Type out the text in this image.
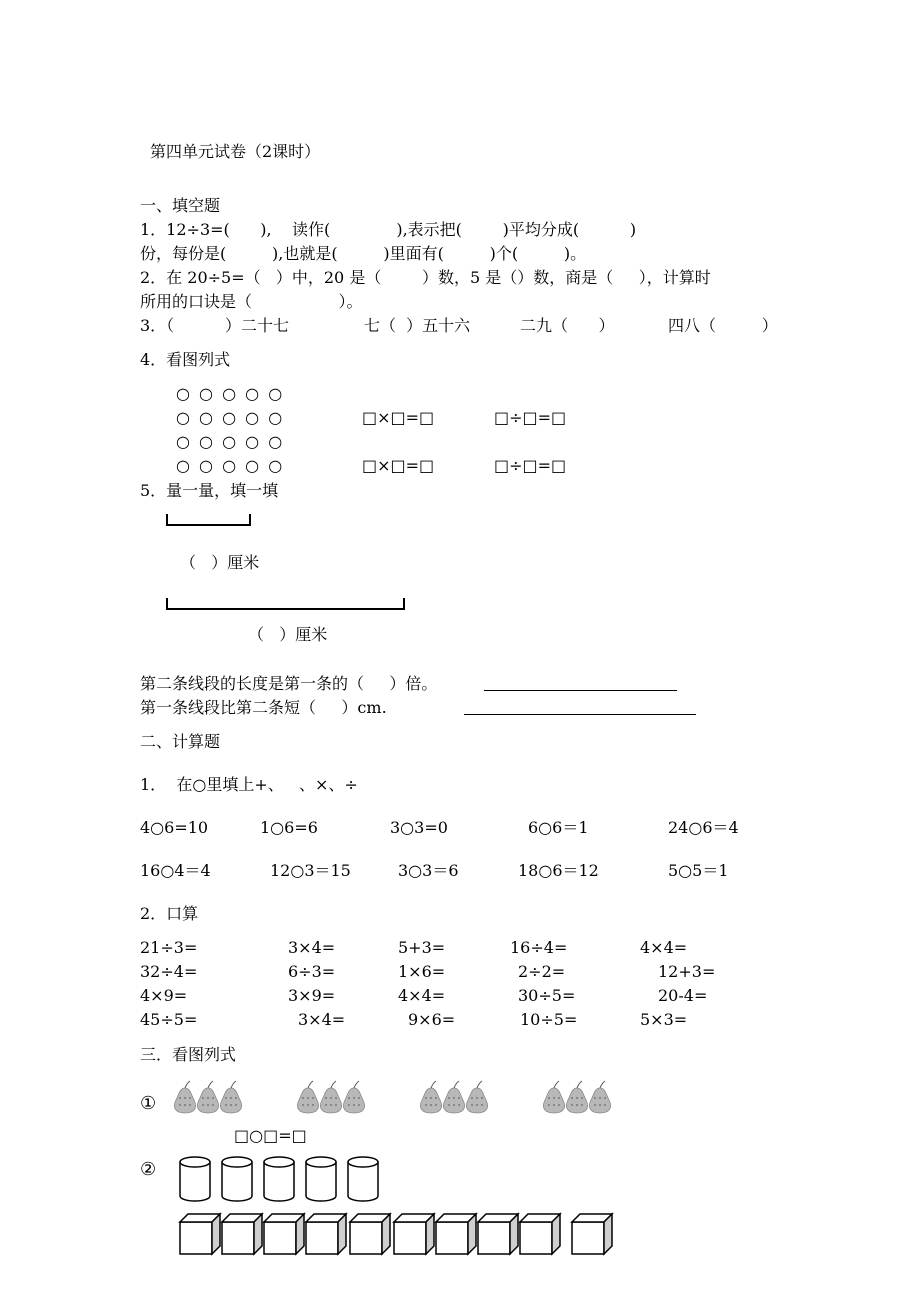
第四单元试卷（2课时）
一、填空题
1．12÷3=(      ),    读作(             ),表示把(        )平均分成(          )
份，每份是(         ),也就是(         )里面有(         )个(         )。
2．在 20÷5=（   ）中，20 是（        ）数，5 是（）数，商是（     ），计算时
所用的口诀是（                 ）。
3．（          ）二十七	七（  ）五十六	二九（      ）	四八（         ）
4．看图列式
○ ○ ○ ○ ○
○ ○ ○ ○ ○
○ ○ ○ ○ ○
○ ○ ○ ○ ○
□×□=□	□÷□=□
□×□=□	□÷□=□
5．量一量，填一填
（   ）厘米
（   ）厘米
第二条线段的长度是第一条的（     ）倍。
第一条线段比第二条短（     ）cm.
二、计算题
1．  在○里填上+、   、×、÷
4○6=10	1○6=6	3○3=0	6○6＝1	24○6＝4
16○4＝4	12○3＝15	3○3＝6	18○6＝12	5○5＝1
2．口算
21÷3=	3×4=	5+3=	16÷4=	4×4=
32÷4=	6÷3=	1×6=	2÷2=	12+3=
4×9=	3×9=	4×4=	30÷5=	20-4=
45÷5=	3×4=	9×6=	10÷5=	5×3=
三．看图列式
①
□○□=□
②
